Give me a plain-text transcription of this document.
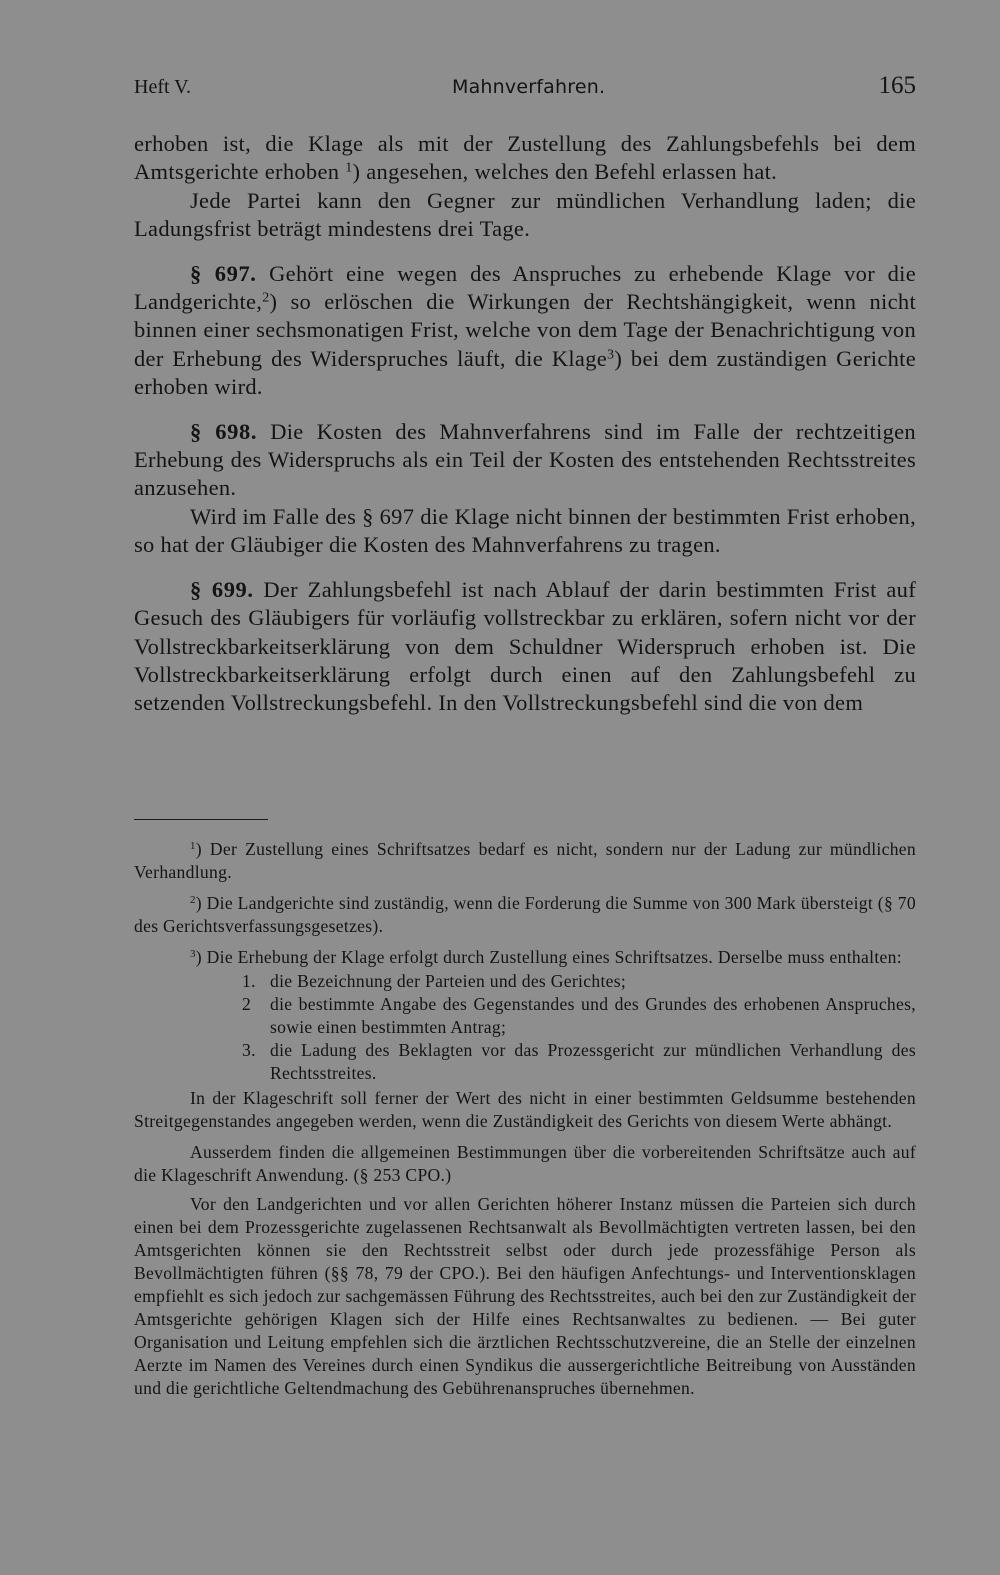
Heft V.	Mahnverfahren.	165

erhoben ist, die Klage als mit der Zustellung des Zahlungsbefehls bei dem Amtsgerichte erhoben $^1$) angesehen, welches den Befehl erlassen hat.

Jede Partei kann den Gegner zur mündlichen Verhandlung laden; die Ladungsfrist beträgt mindestens drei Tage.

§ 697. Gehört eine wegen des Anspruches zu erhebende Klage vor die Landgerichte,$^2$) so erlöschen die Wirkungen der Rechtshängigkeit, wenn nicht binnen einer sechsmonatigen Frist, welche von dem Tage der Benachrichtigung von der Erhebung des Widerspruches läuft, die Klage$^3$) bei dem zuständigen Gerichte erhoben wird.

§ 698. Die Kosten des Mahnverfahrens sind im Falle der rechtzeitigen Erhebung des Widerspruchs als ein Teil der Kosten des entstehenden Rechtsstreites anzusehen.

Wird im Falle des § 697 die Klage nicht binnen der bestimmten Frist erhoben, so hat der Gläubiger die Kosten des Mahnverfahrens zu tragen.

§ 699. Der Zahlungsbefehl ist nach Ablauf der darin bestimmten Frist auf Gesuch des Gläubigers für vorläufig vollstreckbar zu erklären, sofern nicht vor der Vollstreckbarkeitserklärung von dem Schuldner Widerspruch erhoben ist. Die Vollstreckbarkeitserklärung erfolgt durch einen auf den Zahlungsbefehl zu setzenden Vollstreckungsbefehl. In den Vollstreckungsbefehl sind die von dem

$^1$) Der Zustellung eines Schriftsatzes bedarf es nicht, sondern nur der Ladung zur mündlichen Verhandlung.

$^2$) Die Landgerichte sind zuständig, wenn die Forderung die Summe von 300 Mark übersteigt (§ 70 des Gerichtsverfassungsgesetzes).

$^3$) Die Erhebung der Klage erfolgt durch Zustellung eines Schriftsatzes. Derselbe muss enthalten:

1. die Bezeichnung der Parteien und des Gerichtes;
2 die bestimmte Angabe des Gegenstandes und des Grundes des erhobenen Anspruches, sowie einen bestimmten Antrag;
3. die Ladung des Beklagten vor das Prozessgericht zur mündlichen Verhandlung des Rechtsstreites.

In der Klageschrift soll ferner der Wert des nicht in einer bestimmten Geldsumme bestehenden Streitgegenstandes angegeben werden, wenn die Zuständigkeit des Gerichts von diesem Werte abhängt.

Ausserdem finden die allgemeinen Bestimmungen über die vorbereitenden Schriftsätze auch auf die Klageschrift Anwendung. (§ 253 CPO.)

Vor den Landgerichten und vor allen Gerichten höherer Instanz müssen die Parteien sich durch einen bei dem Prozessgerichte zugelassenen Rechtsanwalt als Bevollmächtigten vertreten lassen, bei den Amtsgerichten können sie den Rechtsstreit selbst oder durch jede prozessfähige Person als Bevollmächtigten führen (§§ 78, 79 der CPO.). Bei den häufigen Anfechtungs- und Interventionsklagen empfiehlt es sich jedoch zur sachgemässen Führung des Rechtsstreites, auch bei den zur Zuständigkeit der Amtsgerichte gehörigen Klagen sich der Hilfe eines Rechtsanwaltes zu bedienen. — Bei guter Organisation und Leitung empfehlen sich die ärztlichen Rechtsschutzvereine, die an Stelle der einzelnen Aerzte im Namen des Vereines durch einen Syndikus die aussergerichtliche Beitreibung von Ausständen und die gerichtliche Geltendmachung des Gebührenanspruches übernehmen.
